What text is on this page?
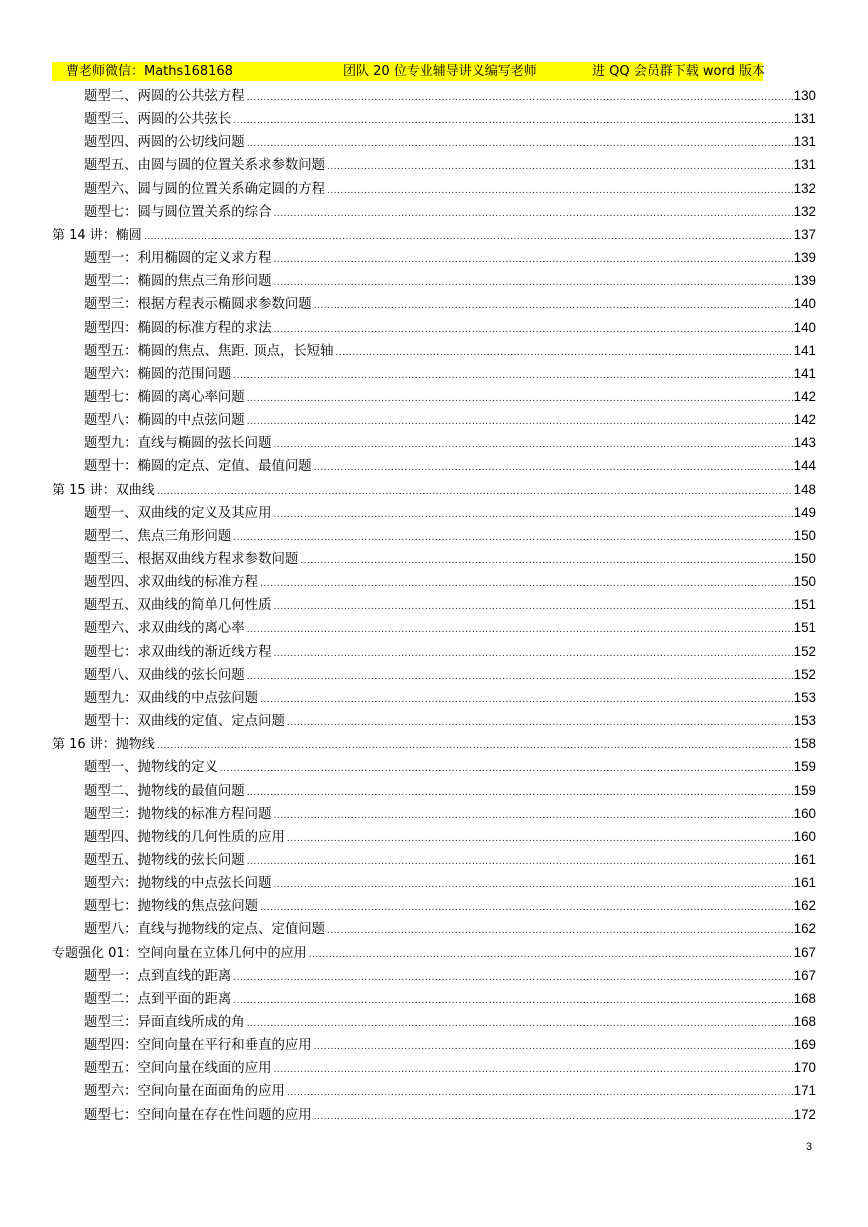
曹老师微信：Maths168168	团队 20 位专业辅导讲义编写老师	进 QQ 会员群下载 word 版本
题型二、两圆的公共弦方程 .....	130
题型三、两圆的公共弦长 .....	131
题型四、两圆的公切线问题 .....	131
题型五、由圆与圆的位置关系求参数问题 .....	131
题型六、圆与圆的位置关系确定圆的方程 .....	132
题型七：圆与圆位置关系的综合 .....	132
第 14 讲：椭圆 .....	137
题型一：利用椭圆的定义求方程 .....	139
题型二：椭圆的焦点三角形问题 .....	139
题型三：根据方程表示椭圆求参数问题 .....	140
题型四：椭圆的标准方程的求法 .....	140
题型五：椭圆的焦点、焦距. 顶点，长短轴 .....	141
题型六：椭圆的范围问题 .....	141
题型七：椭圆的离心率问题 .....	142
题型八：椭圆的中点弦问题 .....	142
题型九：直线与椭圆的弦长问题 .....	143
题型十：椭圆的定点、定值、最值问题 .....	144
第 15 讲：双曲线 .....	148
题型一、双曲线的定义及其应用 .....	149
题型二、焦点三角形问题 .....	150
题型三、根据双曲线方程求参数问题 .....	150
题型四、求双曲线的标准方程 .....	150
题型五、双曲线的简单几何性质 .....	151
题型六、求双曲线的离心率 .....	151
题型七：求双曲线的渐近线方程 .....	152
题型八、双曲线的弦长问题 .....	152
题型九：双曲线的中点弦问题 .....	153
题型十：双曲线的定值、定点问题 .....	153
第 16 讲：抛物线 .....	158
题型一、抛物线的定义 .....	159
题型二、抛物线的最值问题 .....	159
题型三：抛物线的标准方程问题 .....	160
题型四、抛物线的几何性质的应用 .....	160
题型五、抛物线的弦长问题 .....	161
题型六：抛物线的中点弦长问题 .....	161
题型七：抛物线的焦点弦问题 .....	162
题型八：直线与抛物线的定点、定值问题 .....	162
专题强化 01：空间向量在立体几何中的应用 .....	167
题型一：点到直线的距离 .....	167
题型二：点到平面的距离 .....	168
题型三：异面直线所成的角 .....	168
题型四：空间向量在平行和垂直的应用 .....	169
题型五：空间向量在线面的应用 .....	170
题型六：空间向量在面面角的应用 .....	171
题型七：空间向量在存在性问题的应用 .....	172
3
